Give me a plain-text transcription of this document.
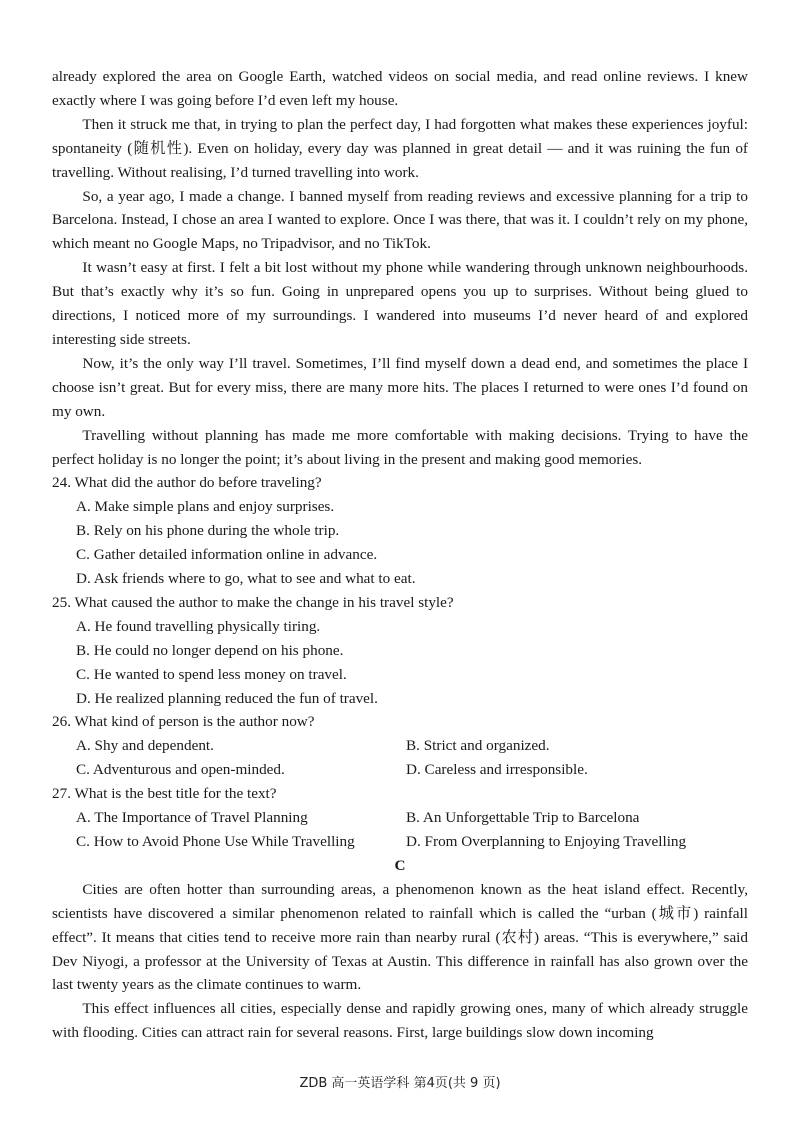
already explored the area on Google Earth, watched videos on social media, and read online reviews. I knew exactly where I was going before I’d even left my house.

Then it struck me that, in trying to plan the perfect day, I had forgotten what makes these experiences joyful: spontaneity (随机性). Even on holiday, every day was planned in great detail — and it was ruining the fun of travelling. Without realising, I’d turned travelling into work.

So, a year ago, I made a change. I banned myself from reading reviews and excessive planning for a trip to Barcelona. Instead, I chose an area I wanted to explore. Once I was there, that was it. I couldn’t rely on my phone, which meant no Google Maps, no Tripadvisor, and no TikTok.

It wasn’t easy at first. I felt a bit lost without my phone while wandering through unknown neighbourhoods. But that’s exactly why it’s so fun. Going in unprepared opens you up to surprises. Without being glued to directions, I noticed more of my surroundings. I wandered into museums I’d never heard of and explored interesting side streets.

Now, it’s the only way I’ll travel. Sometimes, I’ll find myself down a dead end, and sometimes the place I choose isn’t great. But for every miss, there are many more hits. The places I returned to were ones I’d found on my own.

Travelling without planning has made me more comfortable with making decisions. Trying to have the perfect holiday is no longer the point; it’s about living in the present and making good memories.

24. What did the author do before traveling?

A. Make simple plans and enjoy surprises.

B. Rely on his phone during the whole trip.

C. Gather detailed information online in advance.

D. Ask friends where to go, what to see and what to eat.

25. What caused the author to make the change in his travel style?

A. He found travelling physically tiring.

B. He could no longer depend on his phone.

C. He wanted to spend less money on travel.

D. He realized planning reduced the fun of travel.

26. What kind of person is the author now?

A. Shy and dependent.	B. Strict and organized.
C. Adventurous and open-minded.	D. Careless and irresponsible.

27. What is the best title for the text?

A. The Importance of Travel Planning	B. An Unforgettable Trip to Barcelona
C. How to Avoid Phone Use While Travelling	D. From Overplanning to Enjoying Travelling

C

Cities are often hotter than surrounding areas, a phenomenon known as the heat island effect. Recently, scientists have discovered a similar phenomenon related to rainfall which is called the “urban (城市) rainfall effect”. It means that cities tend to receive more rain than nearby rural (农村) areas. “This is everywhere,” said Dev Niyogi, a professor at the University of Texas at Austin. This difference in rainfall has also grown over the last twenty years as the climate continues to warm.

This effect influences all cities, especially dense and rapidly growing ones, many of which already struggle with flooding. Cities can attract rain for several reasons. First, large buildings slow down incoming

ZDB 高一英语学科 第4页(共 9 页)
